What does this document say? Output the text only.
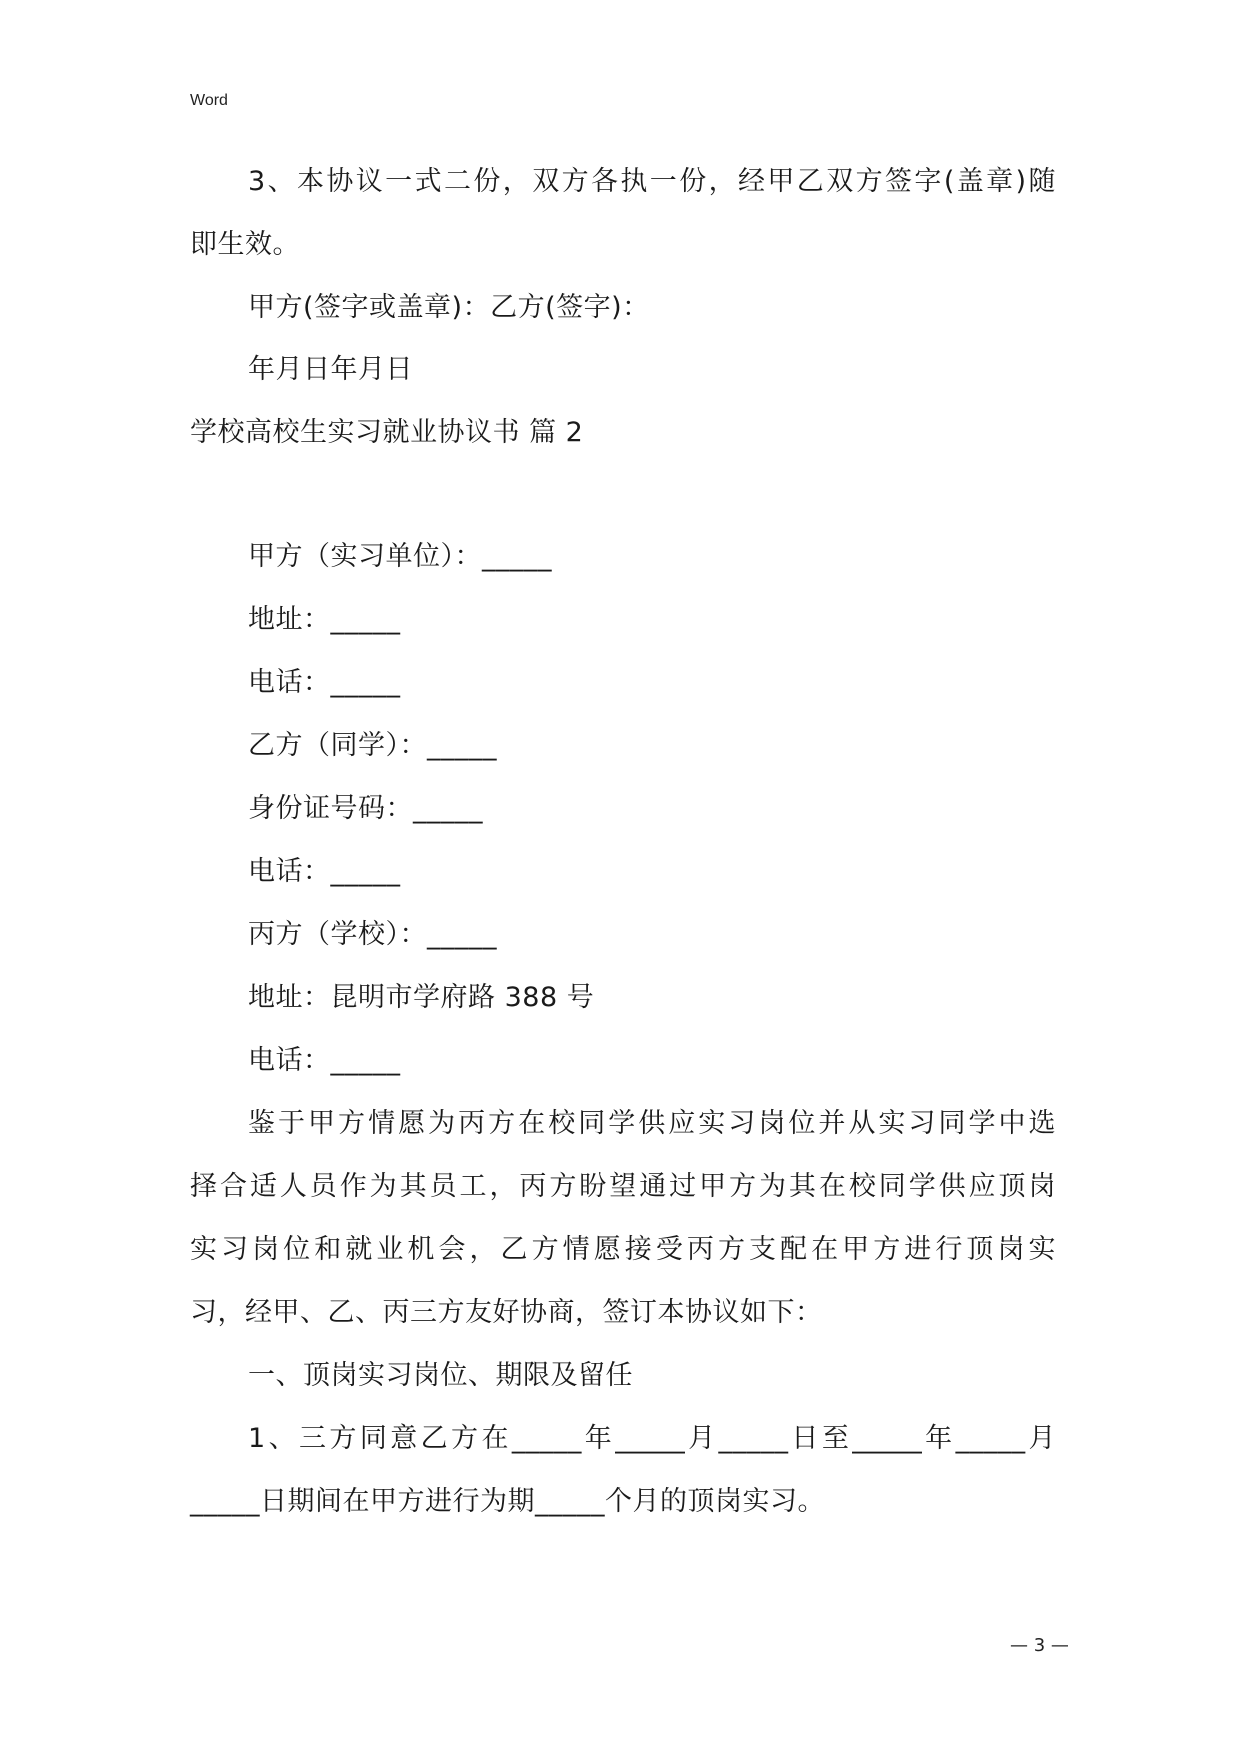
Word
3、本协议一式二份，双方各执一份，经甲乙双方签字(盖章)随
即生效。
甲方(签字或盖章)：乙方(签字)：
年月日年月日
学校高校生实习就业协议书 篇 2
甲方（实习单位）：_____
地址：_____
电话：_____
乙方（同学）：_____
身份证号码：_____
电话：_____
丙方（学校）：_____
地址：昆明市学府路 388 号
电话：_____
鉴于甲方情愿为丙方在校同学供应实习岗位并从实习同学中选
择合适人员作为其员工，丙方盼望通过甲方为其在校同学供应顶岗
实习岗位和就业机会，乙方情愿接受丙方支配在甲方进行顶岗实
习，经甲、乙、丙三方友好协商，签订本协议如下：
一、顶岗实习岗位、期限及留任
1、三方同意乙方在_____年_____月_____日至_____年_____月
_____日期间在甲方进行为期_____个月的顶岗实习。
— 3 —
